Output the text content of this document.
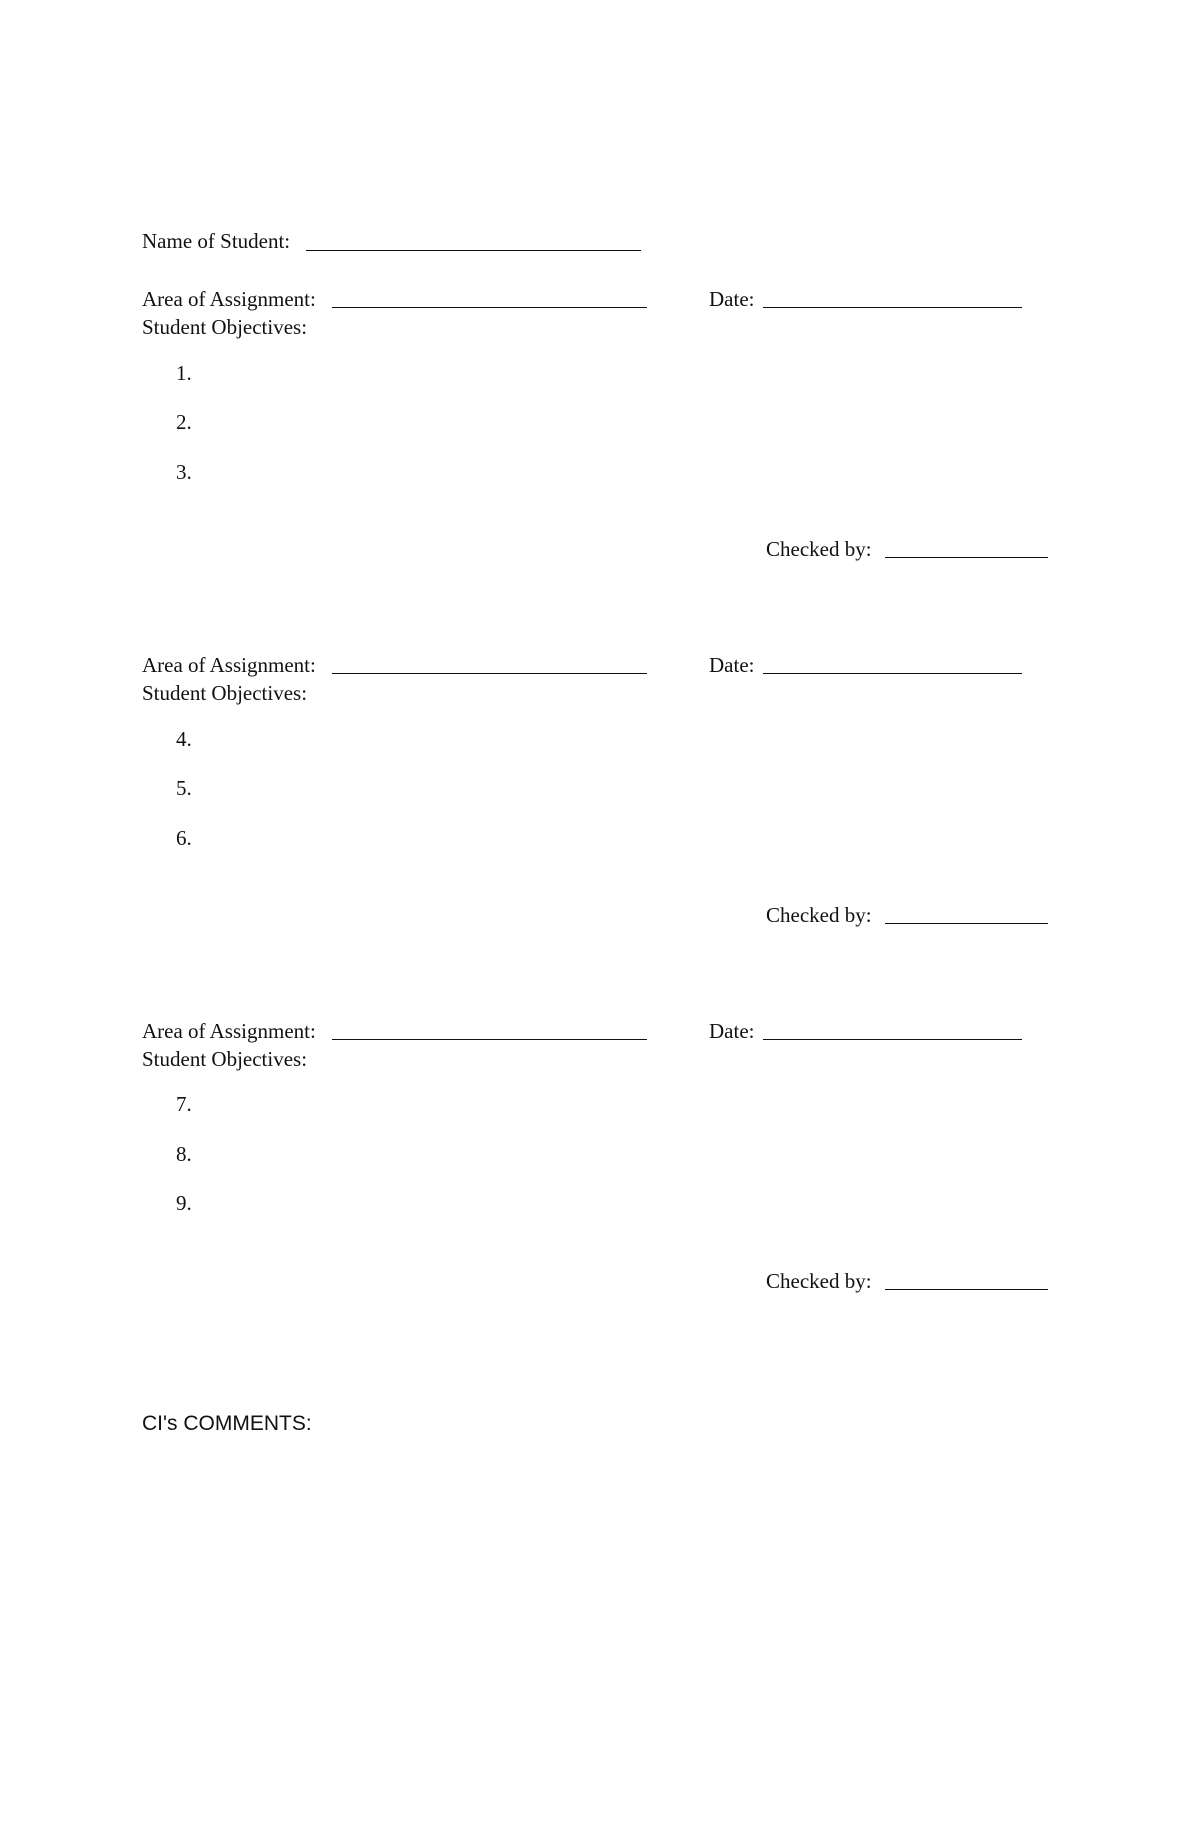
Name of Student:
Area of Assignment:	Date:
Student Objectives:
1.
2.
3.
Checked by:
Area of Assignment:	Date:
Student Objectives:
4.
5.
6.
Checked by:
Area of Assignment:	Date:
Student Objectives:
7.
8.
9.
Checked by:
CI's COMMENTS:
